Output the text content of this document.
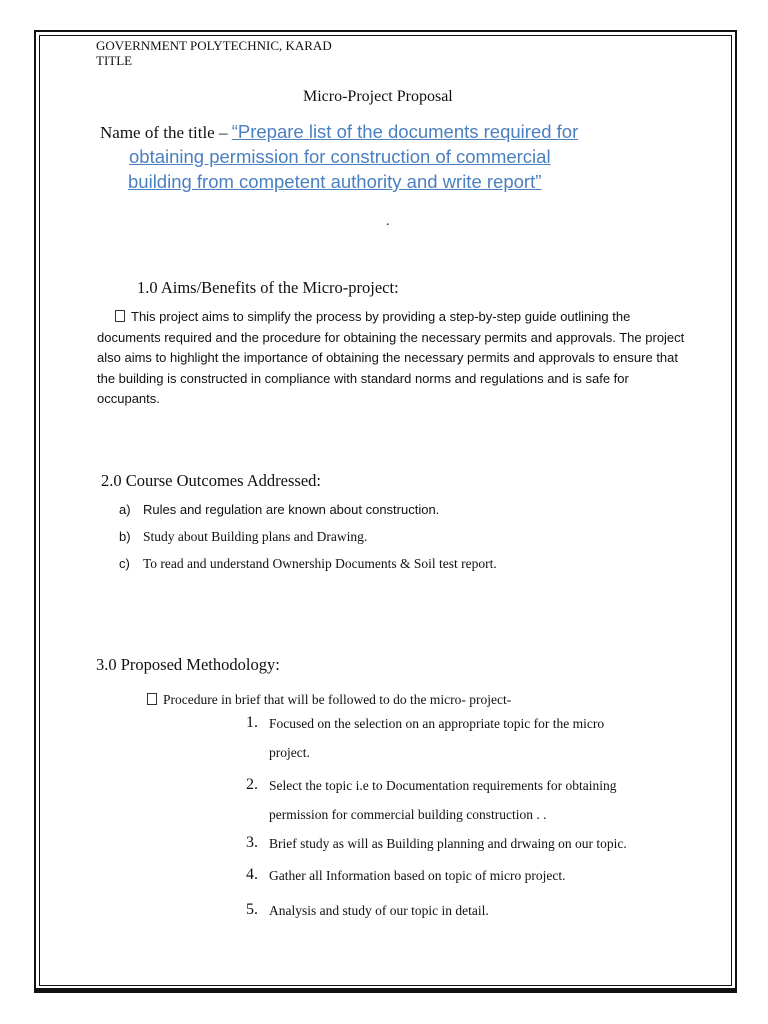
GOVERNMENT POLYTECHNIC, KARAD
TITLE
Micro-Project Proposal
Name of the title – “Prepare list of the documents required for
obtaining permission for construction of commercial
building from competent authority and write report”
.
1.0 Aims/Benefits of the Micro-project:
This project aims to simplify the process by providing a step-by-step guide outlining the documents required and the procedure for obtaining the necessary permits and approvals. The project also aims to highlight the importance of obtaining the necessary permits and approvals to ensure that the building is constructed in compliance with standard norms and regulations and is safe for occupants.
2.0 Course Outcomes Addressed:
a) Rules and regulation are known about construction.
b) Study about Building plans and Drawing.
c) To read and understand Ownership Documents & Soil test report.
3.0 Proposed Methodology:
Procedure in brief that will be followed to do the micro- project-
1. Focused on the selection on an appropriate topic for the micro
project.
2. Select the topic i.e to Documentation requirements for obtaining
permission for commercial building construction . .
3. Brief study as will as Building planning and drwaing on our topic.
4. Gather all Information based on topic of micro project.
5. Analysis and study of our topic in detail.
